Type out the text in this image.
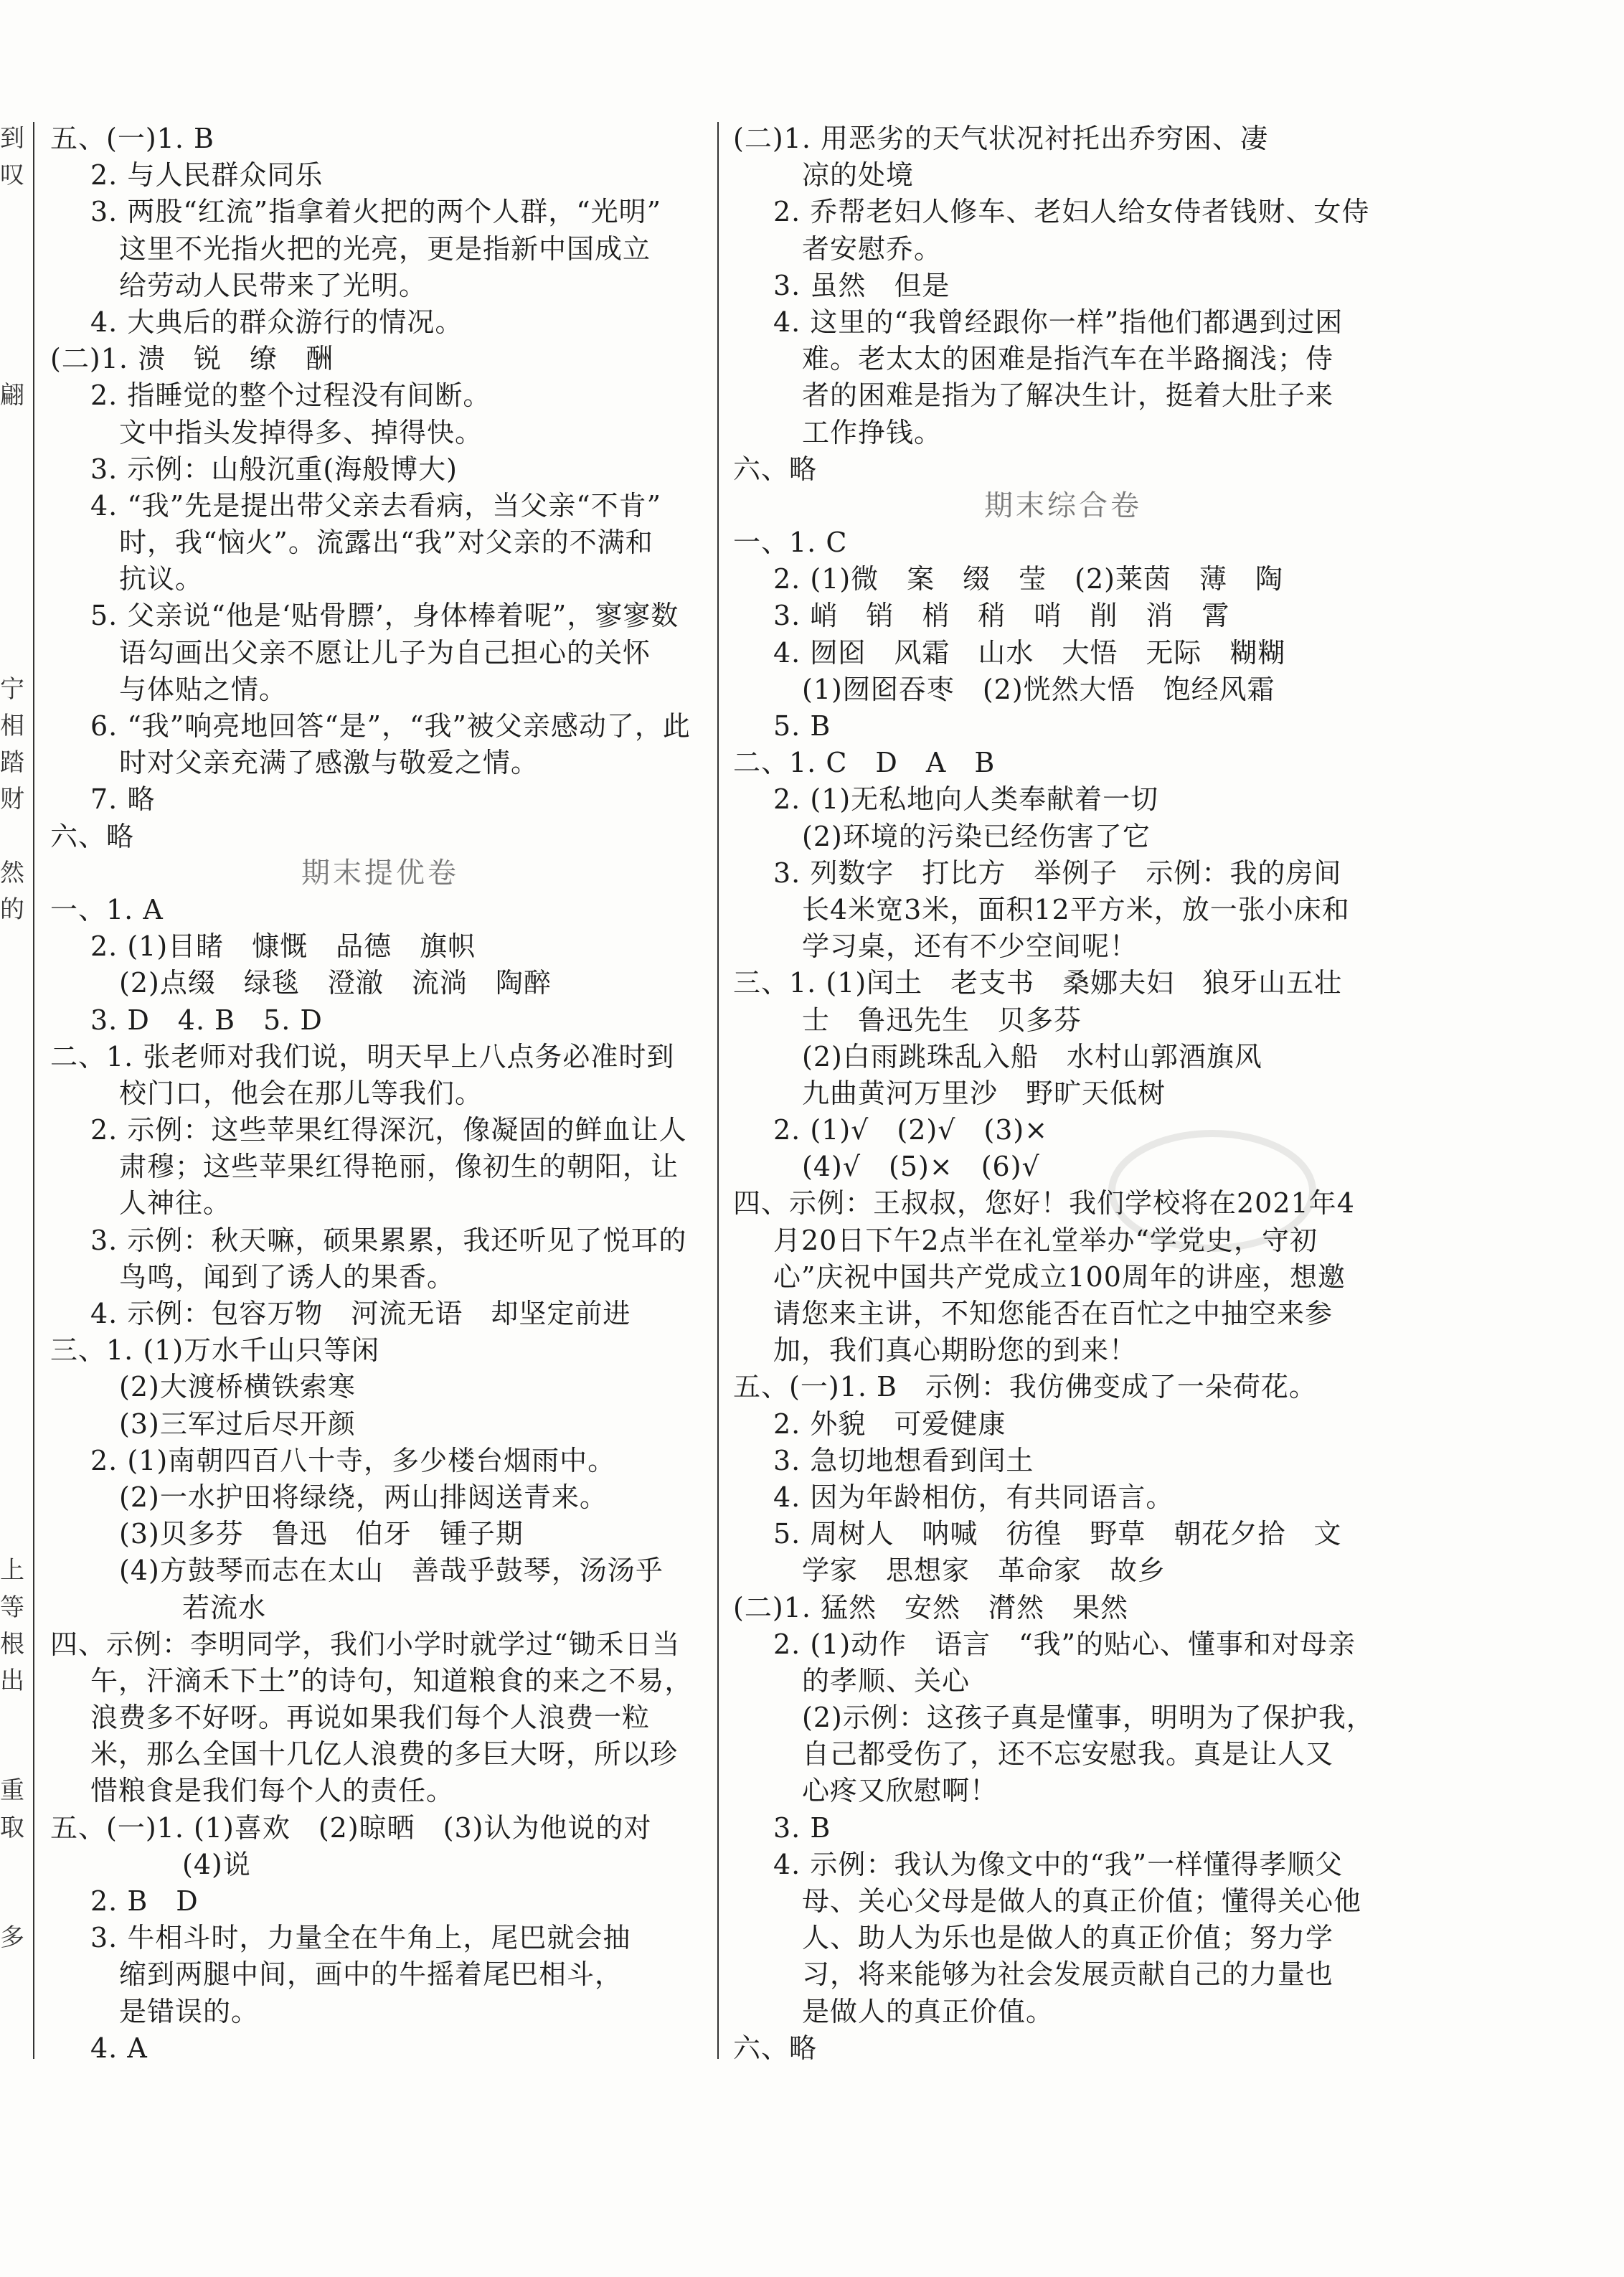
到
叹
翩
宁
相
踏
财
然
的
上
等
根
出
重
取
多
五、(一)1. B
2. 与人民群众同乐
3. 两股“红流”指拿着火把的两个人群，“光明”
这里不光指火把的光亮，更是指新中国成立
给劳动人民带来了光明。
4. 大典后的群众游行的情况。
(二)1. 溃　锐　缭　酬
2. 指睡觉的整个过程没有间断。
文中指头发掉得多、掉得快。
3. 示例：山般沉重(海般博大)
4. “我”先是提出带父亲去看病，当父亲“不肯”
时，我“恼火”。流露出“我”对父亲的不满和
抗议。
5. 父亲说“他是‘贴骨膘’，身体棒着呢”，寥寥数
语勾画出父亲不愿让儿子为自己担心的关怀
与体贴之情。
6. “我”响亮地回答“是”，“我”被父亲感动了，此
时对父亲充满了感激与敬爱之情。
7. 略
六、略
期末提优卷
一、1. A
2. (1)目睹　慷慨　品德　旗帜
(2)点缀　绿毯　澄澈　流淌　陶醉
3. D　4. B　5. D
二、1. 张老师对我们说，明天早上八点务必准时到
校门口，他会在那儿等我们。
2. 示例：这些苹果红得深沉，像凝固的鲜血让人
肃穆；这些苹果红得艳丽，像初生的朝阳，让
人神往。
3. 示例：秋天嘛，硕果累累，我还听见了悦耳的
鸟鸣，闻到了诱人的果香。
4. 示例：包容万物　河流无语　却坚定前进
三、1. (1)万水千山只等闲
(2)大渡桥横铁索寒
(3)三军过后尽开颜
2. (1)南朝四百八十寺，多少楼台烟雨中。
(2)一水护田将绿绕，两山排闼送青来。
(3)贝多芬　鲁迅　伯牙　锺子期
(4)方鼓琴而志在太山　善哉乎鼓琴，汤汤乎
若流水
四、示例：李明同学，我们小学时就学过“锄禾日当
午，汗滴禾下土”的诗句，知道粮食的来之不易，
浪费多不好呀。再说如果我们每个人浪费一粒
米，那么全国十几亿人浪费的多巨大呀，所以珍
惜粮食是我们每个人的责任。
五、(一)1. (1)喜欢　(2)晾晒　(3)认为他说的对
(4)说
2. B　D
3. 牛相斗时，力量全在牛角上，尾巴就会抽
缩到两腿中间，画中的牛摇着尾巴相斗，
是错误的。
4. A
(二)1. 用恶劣的天气状况衬托出乔穷困、凄
凉的处境
2. 乔帮老妇人修车、老妇人给女侍者钱财、女侍
者安慰乔。
3. 虽然　但是
4. 这里的“我曾经跟你一样”指他们都遇到过困
难。老太太的困难是指汽车在半路搁浅；侍
者的困难是指为了解决生计，挺着大肚子来
工作挣钱。
六、略
期末综合卷
一、1. C
2. (1)微　案　缀　莹　(2)莱茵　薄　陶
3. 峭　销　梢　稍　哨　削　消　霄
4. 囫囵　风霜　山水　大悟　无际　糊糊
(1)囫囵吞枣　(2)恍然大悟　饱经风霜
5. B
二、1. C　D　A　B
2. (1)无私地向人类奉献着一切
(2)环境的污染已经伤害了它
3. 列数字　打比方　举例子　示例：我的房间
长4米宽3米，面积12平方米，放一张小床和
学习桌，还有不少空间呢！
三、1. (1)闰土　老支书　桑娜夫妇　狼牙山五壮
士　鲁迅先生　贝多芬
(2)白雨跳珠乱入船　水村山郭酒旗风
九曲黄河万里沙　野旷天低树
2. (1)√　(2)√　(3)×
(4)√　(5)×　(6)√
四、示例：王叔叔，您好！我们学校将在2021年4
月20日下午2点半在礼堂举办“学党史，守初
心”庆祝中国共产党成立100周年的讲座，想邀
请您来主讲，不知您能否在百忙之中抽空来参
加，我们真心期盼您的到来！
五、(一)1. B　示例：我仿佛变成了一朵荷花。
2. 外貌　可爱健康
3. 急切地想看到闰土
4. 因为年龄相仿，有共同语言。
5. 周树人　呐喊　彷徨　野草　朝花夕拾　文
学家　思想家　革命家　故乡
(二)1. 猛然　安然　潸然　果然
2. (1)动作　语言　“我”的贴心、懂事和对母亲
的孝顺、关心
(2)示例：这孩子真是懂事，明明为了保护我，
自己都受伤了，还不忘安慰我。真是让人又
心疼又欣慰啊！
3. B
4. 示例：我认为像文中的“我”一样懂得孝顺父
母、关心父母是做人的真正价值；懂得关心他
人、助人为乐也是做人的真正价值；努力学
习，将来能够为社会发展贡献自己的力量也
是做人的真正价值。
六、略
